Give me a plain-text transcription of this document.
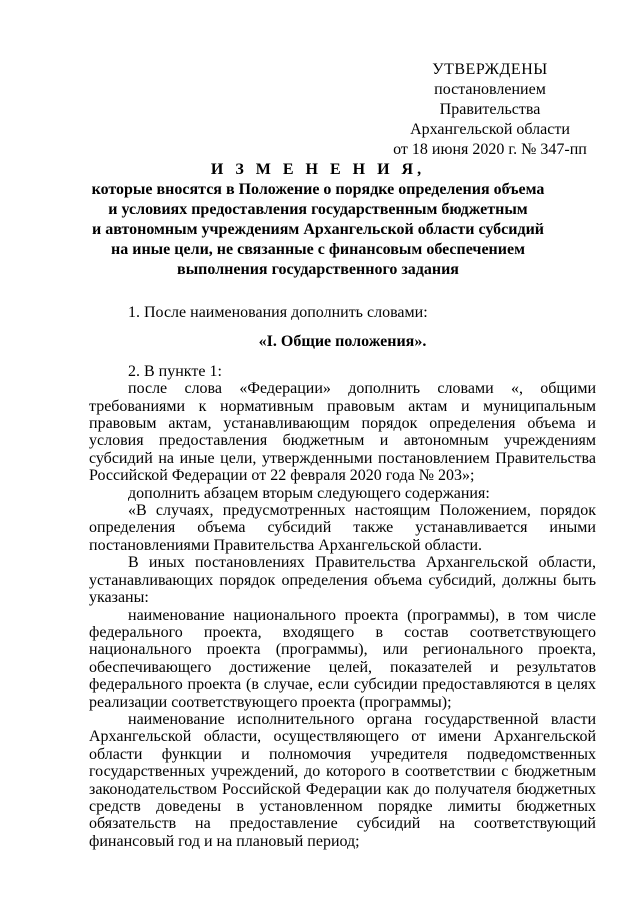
УТВЕРЖДЕНЫ
постановлением Правительства
Архангельской области
от 18 июня 2020 г. № 347-пп
И З М Е Н Е Н И Я,
которые вносятся в Положение о порядке определения объема
и условиях предоставления государственным бюджетным
и автономным учреждениям Архангельской области субсидий
на иные цели, не связанные с финансовым обеспечением
выполнения государственного задания

1. После наименования дополнить словами:

«I. Общие положения».

2. В пункте 1:

после слова «Федерации» дополнить словами «, общими требованиями к нормативным правовым актам и муниципальным правовым актам, устанавливающим порядок определения объема и условия предоставления бюджетным и автономным учреждениям субсидий на иные цели, утвержденными постановлением Правительства Российской Федерации от 22 февраля 2020 года № 203»;

дополнить абзацем вторым следующего содержания:

«В случаях, предусмотренных настоящим Положением, порядок определения объема субсидий также устанавливается иными постановлениями Правительства Архангельской области.

В иных постановлениях Правительства Архангельской области, устанавливающих порядок определения объема субсидий, должны быть указаны:

наименование национального проекта (программы), в том числе федерального проекта, входящего в состав соответствующего национального проекта (программы), или регионального проекта, обеспечивающего достижение целей, показателей и результатов федерального проекта (в случае, если субсидии предоставляются в целях реализации соответствующего проекта (программы);

наименование исполнительного органа государственной власти Архангельской области, осуществляющего от имени Архангельской области функции и полномочия учредителя подведомственных государственных учреждений, до которого в соответствии с бюджетным законодательством Российской Федерации как до получателя бюджетных средств доведены в установленном порядке лимиты бюджетных обязательств на предоставление субсидий на соответствующий финансовый год и на плановый период;
